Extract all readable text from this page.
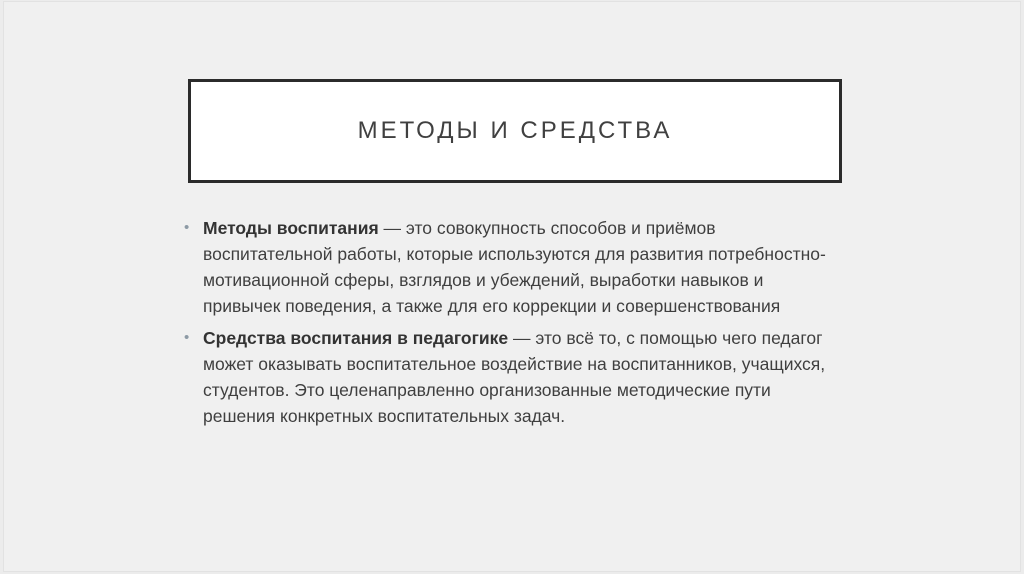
МЕТОДЫ И СРЕДСТВА
• Методы воспитания — это совокупность способов и приёмов воспитательной работы, которые используются для развития потребностно-мотивационной сферы, взглядов и убеждений, выработки навыков и привычек поведения, а также для его коррекции и совершенствования
• Средства воспитания в педагогике — это всё то, с помощью чего педагог может оказывать воспитательное воздействие на воспитанников, учащихся, студентов. Это целенаправленно организованные методические пути решения конкретных воспитательных задач.
